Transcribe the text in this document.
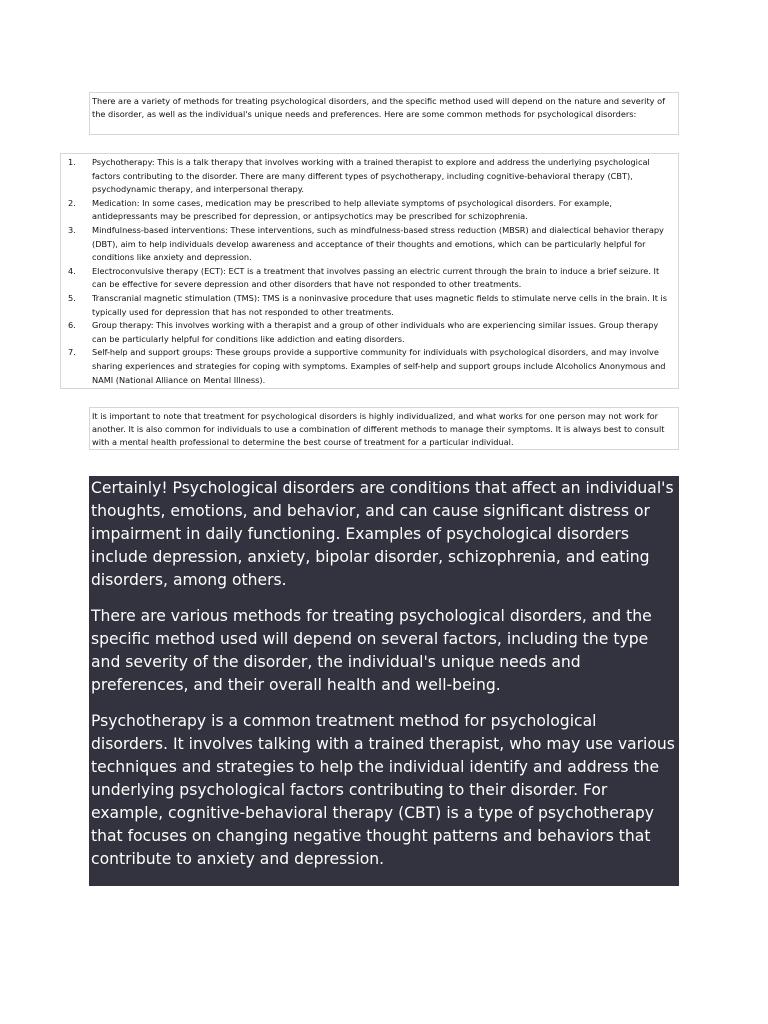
There are a variety of methods for treating psychological disorders, and the specific method used will depend on the nature and severity of the disorder, as well as the individual's unique needs and preferences. Here are some common methods for psychological disorders:
1. Psychotherapy: This is a talk therapy that involves working with a trained therapist to explore and address the underlying psychological factors contributing to the disorder. There are many different types of psychotherapy, including cognitive-behavioral therapy (CBT), psychodynamic therapy, and interpersonal therapy.
2. Medication: In some cases, medication may be prescribed to help alleviate symptoms of psychological disorders. For example, antidepressants may be prescribed for depression, or antipsychotics may be prescribed for schizophrenia.
3. Mindfulness-based interventions: These interventions, such as mindfulness-based stress reduction (MBSR) and dialectical behavior therapy (DBT), aim to help individuals develop awareness and acceptance of their thoughts and emotions, which can be particularly helpful for conditions like anxiety and depression.
4. Electroconvulsive therapy (ECT): ECT is a treatment that involves passing an electric current through the brain to induce a brief seizure. It can be effective for severe depression and other disorders that have not responded to other treatments.
5. Transcranial magnetic stimulation (TMS): TMS is a noninvasive procedure that uses magnetic fields to stimulate nerve cells in the brain. It is typically used for depression that has not responded to other treatments.
6. Group therapy: This involves working with a therapist and a group of other individuals who are experiencing similar issues. Group therapy can be particularly helpful for conditions like addiction and eating disorders.
7. Self-help and support groups: These groups provide a supportive community for individuals with psychological disorders, and may involve sharing experiences and strategies for coping with symptoms. Examples of self-help and support groups include Alcoholics Anonymous and NAMI (National Alliance on Mental Illness).
It is important to note that treatment for psychological disorders is highly individualized, and what works for one person may not work for another. It is also common for individuals to use a combination of different methods to manage their symptoms. It is always best to consult with a mental health professional to determine the best course of treatment for a particular individual.

Certainly! Psychological disorders are conditions that affect an individual's thoughts, emotions, and behavior, and can cause significant distress or impairment in daily functioning. Examples of psychological disorders include depression, anxiety, bipolar disorder, schizophrenia, and eating disorders, among others.

There are various methods for treating psychological disorders, and the specific method used will depend on several factors, including the type and severity of the disorder, the individual's unique needs and preferences, and their overall health and well-being.

Psychotherapy is a common treatment method for psychological disorders. It involves talking with a trained therapist, who may use various techniques and strategies to help the individual identify and address the underlying psychological factors contributing to their disorder. For example, cognitive-behavioral therapy (CBT) is a type of psychotherapy that focuses on changing negative thought patterns and behaviors that contribute to anxiety and depression.
